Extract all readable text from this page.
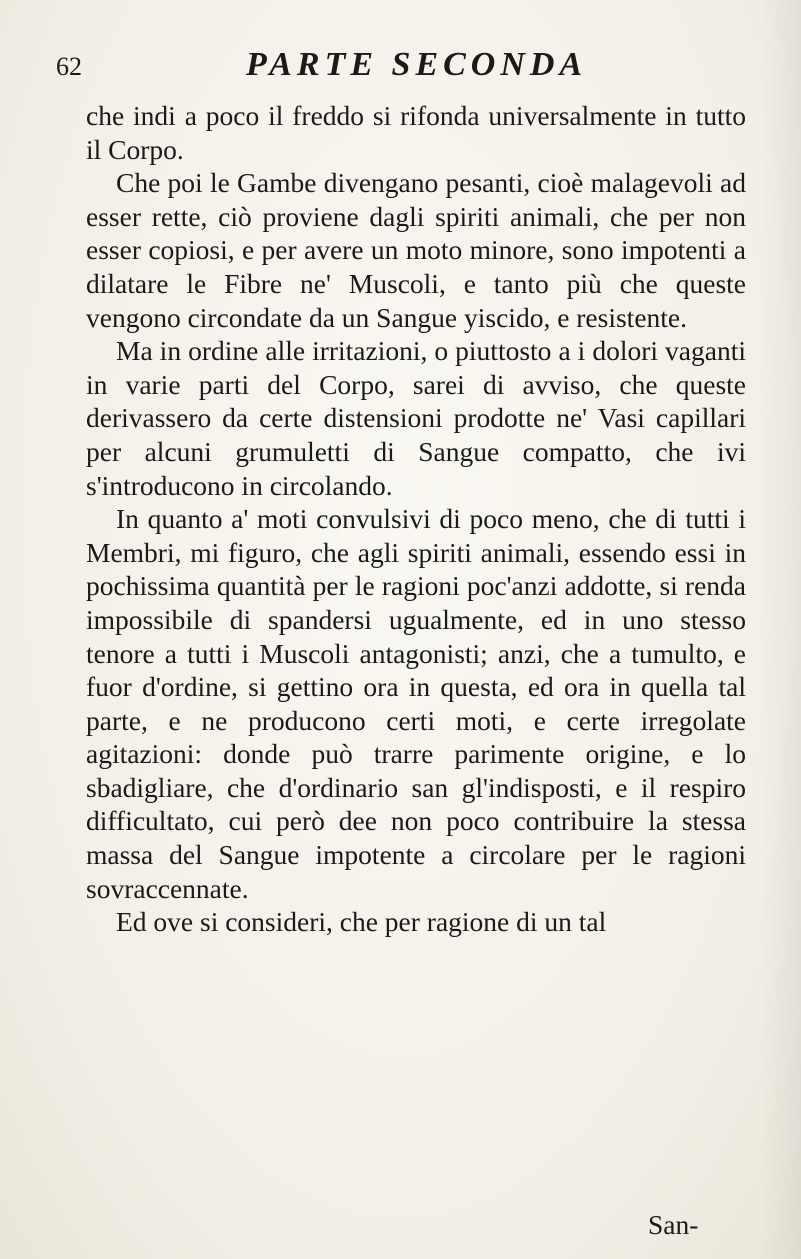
62	PARTE SECONDA

che indi a poco il freddo si rifonda universalmente in tutto il Corpo.

Che poi le Gambe divengano pesanti, cioè malagevoli ad esser rette, ciò proviene dagli spiriti animali, che per non esser copiosi, e per avere un moto minore, sono impotenti a dilatare le Fibre ne' Muscoli, e tanto più che queste vengono circondate da un Sangue yiscido, e resistente.

Ma in ordine alle irritazioni, o piuttosto a i dolori vaganti in varie parti del Corpo, sarei di avviso, che queste derivassero da certe distensioni prodotte ne' Vasi capillari per alcuni grumuletti di Sangue compatto, che ivi s'introducono in circolando.

In quanto a' moti convulsivi di poco meno, che di tutti i Membri, mi figuro, che agli spiriti animali, essendo essi in pochissima quantità per le ragioni poc'anzi addotte, si renda impossibile di spandersi ugualmente, ed in uno stesso tenore a tutti i Muscoli antagonisti; anzi, che a tumulto, e fuor d'ordine, si gettino ora in questa, ed ora in quella tal parte, e ne producono certi moti, e certe irregolate agitazioni: donde può trarre parimente origine, e lo sbadigliare, che d'ordinario san gl'indisposti, e il respiro difficultato, cui però dee non poco contribuire la stessa massa del Sangue impotente a circolare per le ragioni sovraccennate.

Ed ove si consideri, che per ragione di un tal

San-
